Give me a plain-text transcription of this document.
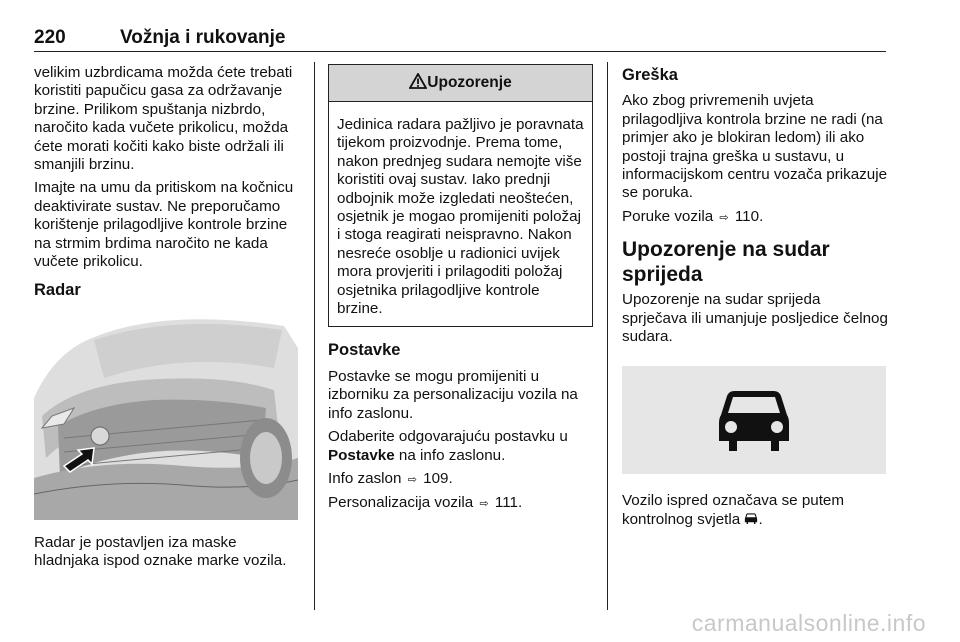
220	Vožnja i rukovanje

velikim uzbrdicama možda ćete trebati koristiti papučicu gasa za održavanje brzine. Prilikom spuštanja nizbrdo, naročito kada vučete prikolicu, možda ćete morati kočiti kako biste održali ili smanjili brzinu.

Imajte na umu da pritiskom na kočnicu deaktivirate sustav. Ne preporučamo korištenje prilagodljive kontrole brzine na strmim brdima naročito ne kada vučete prikolicu.

Radar

Radar je postavljen iza maske hladnjaka ispod oznake marke vozila.

Upozorenje
Jedinica radara pažljivo je poravnata tijekom proizvodnje. Prema tome, nakon prednjeg sudara nemojte više koristiti ovaj sustav. Iako prednji odbojnik može izgledati neoštećen, osjetnik je mogao promijeniti položaj i stoga reagirati neispravno. Nakon nesreće osoblje u radionici uvijek mora provjeriti i prilagoditi položaj osjetnika prilagodljive kontrole brzine.
Postavke

Postavke se mogu promijeniti u izborniku za personalizaciju vozila na info zaslonu.

Odaberite odgovarajuću postavku u
Postavke na info zaslonu.

Info zaslon ⇨ 109.

Personalizacija vozila ⇨ 111.

Greška

Ako zbog privremenih uvjeta prilagodljiva kontrola brzine ne radi (na primjer ako je blokiran ledom) ili ako postoji trajna greška u sustavu, u informacijskom centru vozača prikazuje se poruka.

Poruke vozila ⇨ 110.

Upozorenje na sudar sprijeda

Upozorenje na sudar sprijeda sprječava ili umanjuje posljedice čelnog sudara.

Vozilo ispred označava se putem kontrolnog svjetla .

carmanualsonline.info
